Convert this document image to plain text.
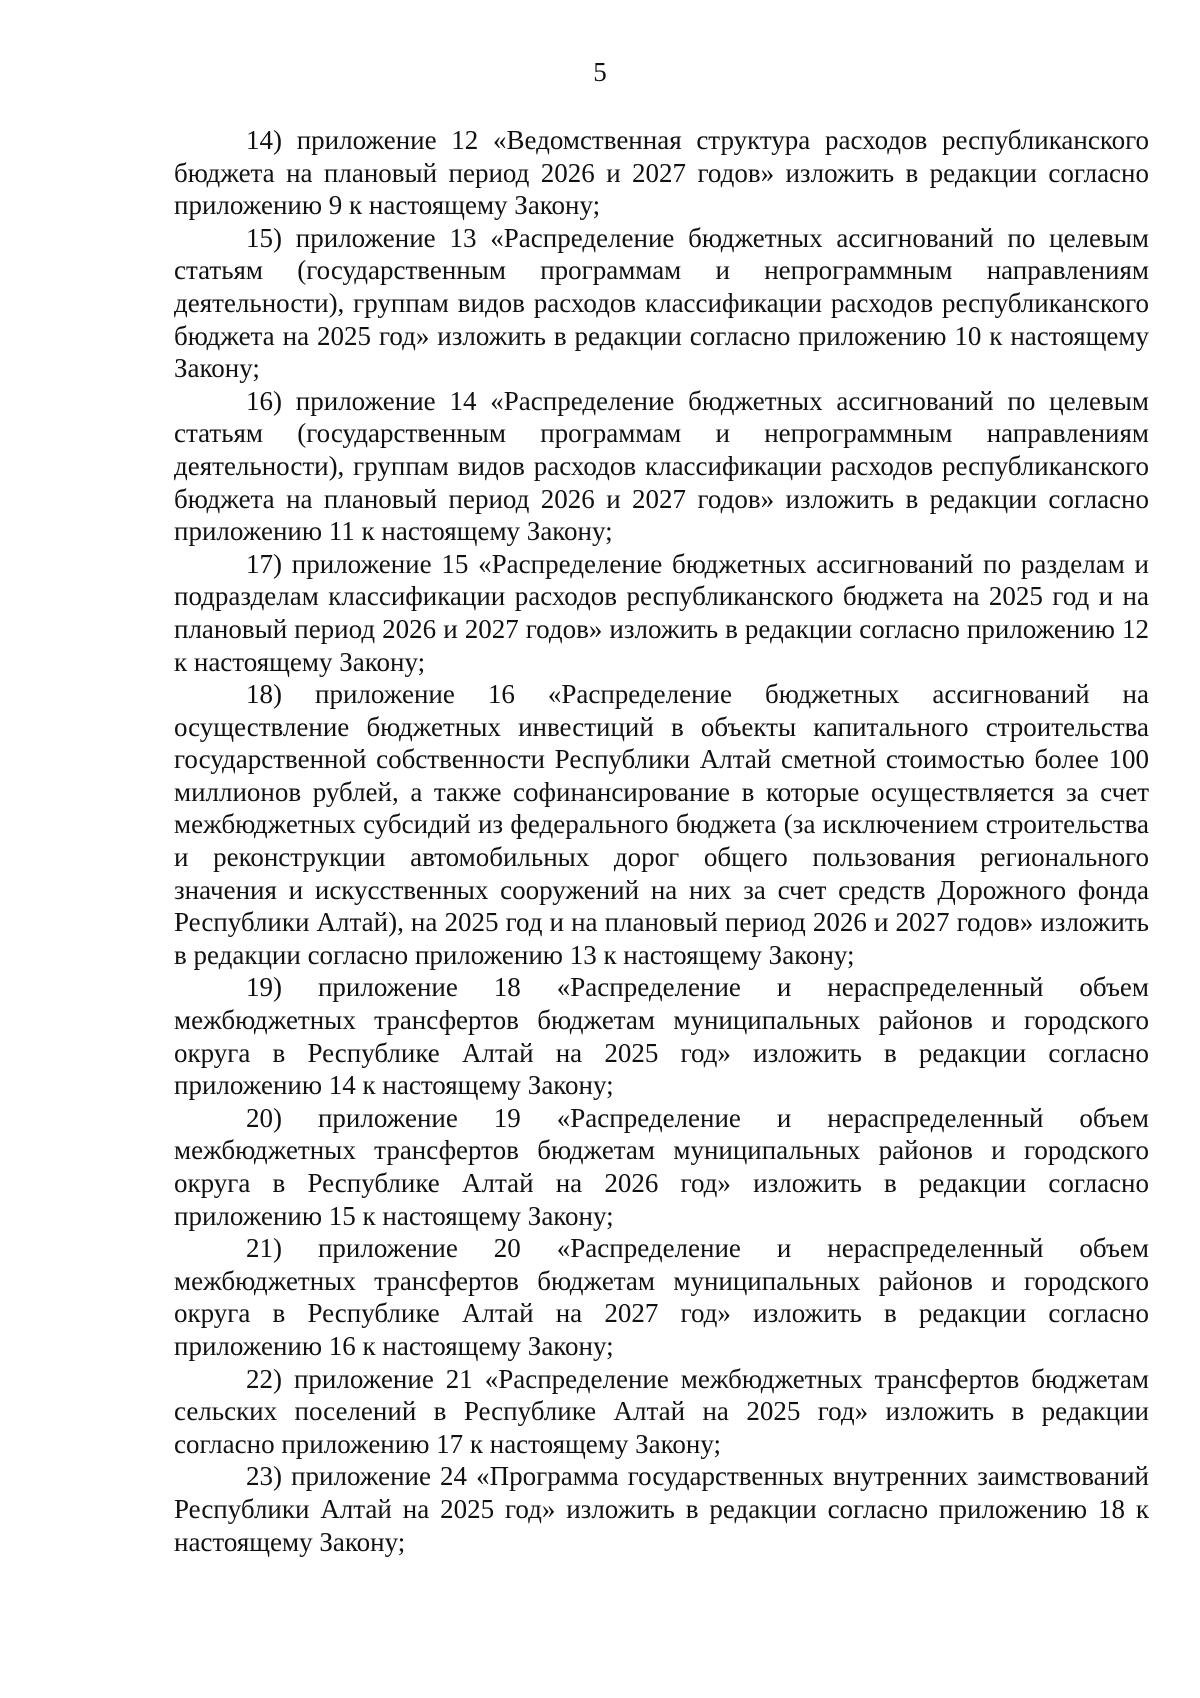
5

14) приложение 12 «Ведомственная структура расходов республиканского бюджета на плановый период 2026 и 2027 годов» изложить в редакции согласно приложению 9 к настоящему Закону;

15) приложение 13 «Распределение бюджетных ассигнований по целевым статьям (государственным программам и непрограммным направлениям деятельности), группам видов расходов классификации расходов республиканского бюджета на 2025 год» изложить в редакции согласно приложению 10 к настоящему Закону;

16) приложение 14 «Распределение бюджетных ассигнований по целевым статьям (государственным программам и непрограммным направлениям деятельности), группам видов расходов классификации расходов республиканского бюджета на плановый период 2026 и 2027 годов» изложить в редакции согласно приложению 11 к настоящему Закону;

17) приложение 15 «Распределение бюджетных ассигнований по разделам и подразделам классификации расходов республиканского бюджета на 2025 год и на плановый период 2026 и 2027 годов» изложить в редакции согласно приложению 12 к настоящему Закону;

18) приложение 16 «Распределение бюджетных ассигнований на осуществление бюджетных инвестиций в объекты капитального строительства государственной собственности Республики Алтай сметной стоимостью более 100 миллионов рублей, а также софинансирование в которые осуществляется за счет межбюджетных субсидий из федерального бюджета (за исключением строительства и реконструкции автомобильных дорог общего пользования регионального значения и искусственных сооружений на них за счет средств Дорожного фонда Республики Алтай), на 2025 год и на плановый период 2026 и 2027 годов» изложить в редакции согласно приложению 13 к настоящему Закону;

19) приложение 18 «Распределение и нераспределенный объем межбюджетных трансфертов бюджетам муниципальных районов и городского округа в Республике Алтай на 2025 год» изложить в редакции согласно приложению 14 к настоящему Закону;

20) приложение 19 «Распределение и нераспределенный объем межбюджетных трансфертов бюджетам муниципальных районов и городского округа в Республике Алтай на 2026 год» изложить в редакции согласно приложению 15 к настоящему Закону;

21) приложение 20 «Распределение и нераспределенный объем межбюджетных трансфертов бюджетам муниципальных районов и городского округа в Республике Алтай на 2027 год» изложить в редакции согласно приложению 16 к настоящему Закону;

22) приложение 21 «Распределение межбюджетных трансфертов бюджетам сельских поселений в Республике Алтай на 2025 год» изложить в редакции согласно приложению 17 к настоящему Закону;

23) приложение 24 «Программа государственных внутренних заимствований Республики Алтай на 2025 год» изложить в редакции согласно приложению 18 к настоящему Закону;
